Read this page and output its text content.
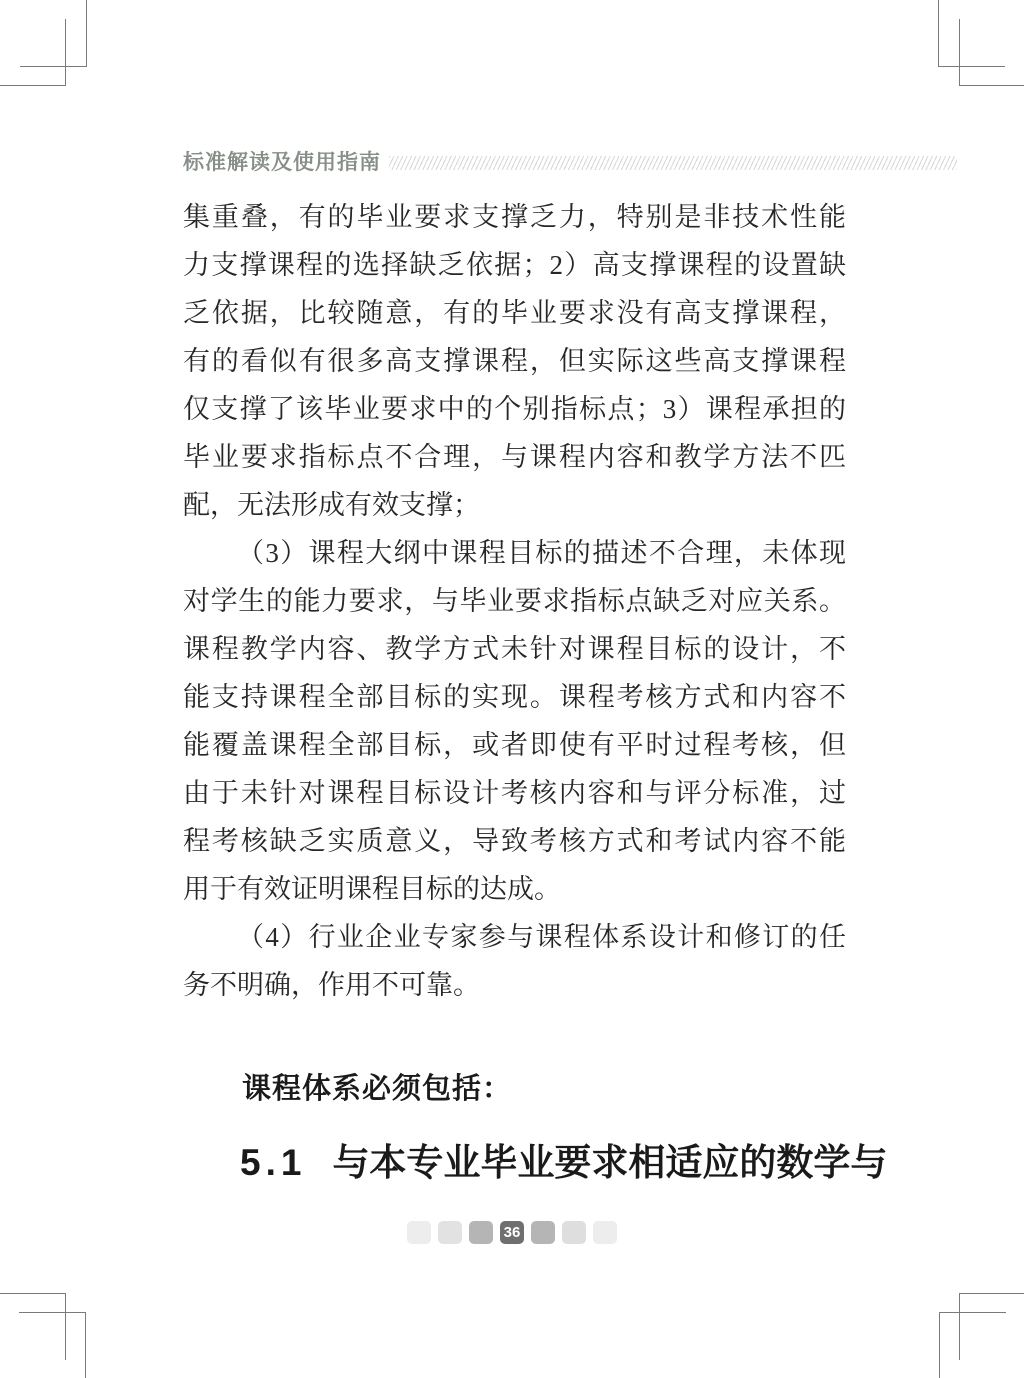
标准解读及使用指南
集重叠，有的毕业要求支撑乏力，特别是非技术性能
力支撑课程的选择缺乏依据；2）高支撑课程的设置缺
乏依据，比较随意，有的毕业要求没有高支撑课程，
有的看似有很多高支撑课程，但实际这些高支撑课程
仅支撑了该毕业要求中的个别指标点；3）课程承担的
毕业要求指标点不合理，与课程内容和教学方法不匹
配，无法形成有效支撑；
（3）课程大纲中课程目标的描述不合理，未体现
对学生的能力要求，与毕业要求指标点缺乏对应关系。
课程教学内容、教学方式未针对课程目标的设计，不
能支持课程全部目标的实现。课程考核方式和内容不
能覆盖课程全部目标，或者即使有平时过程考核，但
由于未针对课程目标设计考核内容和与评分标准，过
程考核缺乏实质意义，导致考核方式和考试内容不能
用于有效证明课程目标的达成。
（4）行业企业专家参与课程体系设计和修订的任
务不明确，作用不可靠。
课程体系必须包括：
5.1 与本专业毕业要求相适应的数学与
36
